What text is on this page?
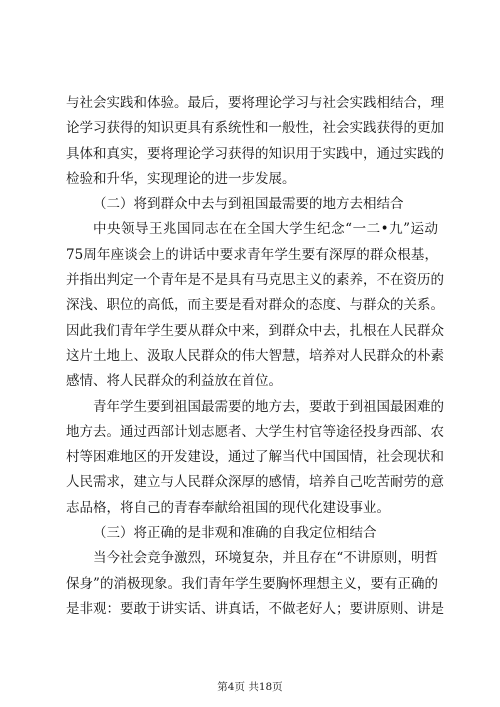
与社会实践和体验。最后，要将理论学习与社会实践相结合，理
论学习获得的知识更具有系统性和一般性，社会实践获得的更加
具体和真实，要将理论学习获得的知识用于实践中，通过实践的
检验和升华，实现理论的进一步发展。
（二）将到群众中去与到祖国最需要的地方去相结合
中央领导王兆国同志在在全国大学生纪念“一二•九”运动
75周年座谈会上的讲话中要求青年学生要有深厚的群众根基，
并指出判定一个青年是不是具有马克思主义的素养，不在资历的
深浅、职位的高低，而主要是看对群众的态度、与群众的关系。
因此我们青年学生要从群众中来，到群众中去，扎根在人民群众
这片土地上、汲取人民群众的伟大智慧，培养对人民群众的朴素
感情、将人民群众的利益放在首位。
青年学生要到祖国最需要的地方去，要敢于到祖国最困难的
地方去。通过西部计划志愿者、大学生村官等途径投身西部、农
村等困难地区的开发建设，通过了解当代中国国情，社会现状和
人民需求，建立与人民群众深厚的感情，培养自己吃苦耐劳的意
志品格，将自己的青春奉献给祖国的现代化建设事业。
（三）将正确的是非观和准确的自我定位相结合
当今社会竞争激烈，环境复杂，并且存在“不讲原则，明哲
保身”的消极现象。我们青年学生要胸怀理想主义，要有正确的
是非观：要敢于讲实话、讲真话，不做老好人；要讲原则、讲是
第4页 共18页
